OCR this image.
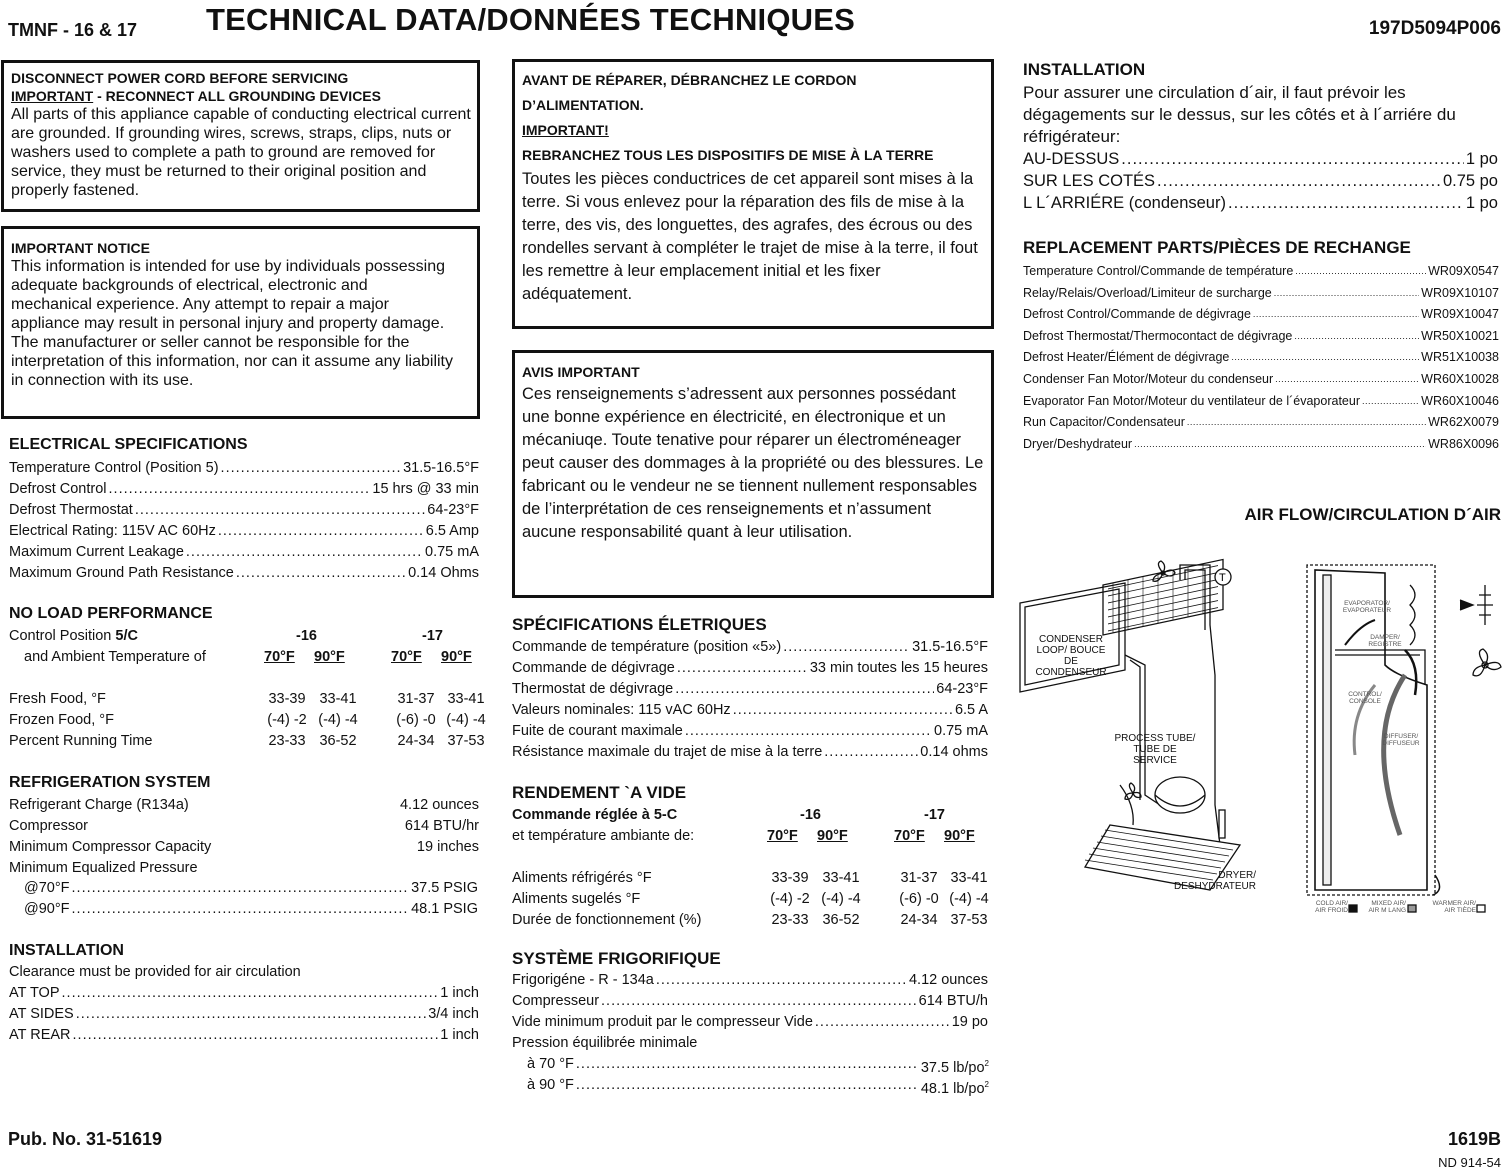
TMNF - 16 & 17 TECHNICAL DATA/DONNÉES TECHNIQUES	197D5094P006
DISCONNECT POWER CORD BEFORE SERVICING
IMPORTANT - RECONNECT ALL GROUNDING DEVICES

All parts of this appliance capable of conducting electrical current are grounded. If grounding wires, screws, straps, clips, nuts or washers used to complete a path to ground are removed for service, they must be returned to their original position and properly fastened.

IMPORTANT NOTICE

This information is intended for use by individuals possessing adequate backgrounds of electrical, electronic and mechanical experience. Any attempt to repair a major appliance may result in personal injury and property damage. The manufacturer or seller cannot be responsible for the interpretation of this information, nor can it assume any liability in connection with its use.

ELECTRICAL SPECIFICATIONS
Temperature Control (Position 5) .....	31.5-16.5°F
Defrost Control .....	15 hrs @ 33 min
Defrost Thermostat .....	64-23°F
Electrical Rating: 115V AC 60Hz .....	6.5 Amp
Maximum Current Leakage .....	0.75 mA
Maximum Ground Path Resistance .....	0.14 Ohms
NO LOAD PERFORMANCE
Control Position 5/C	-16	-17
and Ambient Temperature of	70°F 90°F	70°F 90°F
Fresh Food, °F	33-39 33-41	31-37 33-41
Frozen Food, °F	(-4) -2 (-4) -4	(-6) -0 (-4) -4
Percent Running Time	23-33 36-52	24-34 37-53
REFRIGERATION SYSTEM
Refrigerant Charge (R134a)	4.12 ounces
Compressor	614 BTU/hr
Minimum Compressor Capacity	19 inches
Minimum Equalized Pressure
@70°F .....	37.5 PSIG
@90°F .....	48.1 PSIG
INSTALLATION
Clearance must be provided for air circulation
AT TOP .....	1 inch
AT SIDES .....	3/4 inch
AT REAR .....	1 inch
AVANT DE RÉPARER, DÉBRANCHEZ LE CORDON
D’ALIMENTATION.
IMPORTANT!
REBRANCHEZ TOUS LES DISPOSITIFS DE MISE À LA TERRE

Toutes les pièces conductrices de cet appareil sont mises à la terre. Si vous enlevez pour la réparation des fils de mise à la terre, des vis, des longuettes, des agrafes, des écrous ou des rondelles servant à compléter le trajet de mise à la terre, il fout les remettre à leur emplacement initial et les fixer adéquatement.

AVIS IMPORTANT

Ces renseignements s’adressent aux personnes possédant une bonne expérience en électricité, en électronique et un mécaniuqe. Toute tenative pour réparer un électroméneager peut causer des dommages à la propriété ou des blessures. Le fabricant ou le vendeur ne se tiennent nullement responsables de l’interprétation de ces renseignements et n’assument aucune responsabilité quant à leur utilisation.

SPÉCIFICATIONS ÉLETRIQUES
Commande de température (position «5») .....	31.5-16.5°F
Commande de dégivrage .....	33 min toutes les 15 heures
Thermostat de dégivrage .....	64-23°F
Valeurs nominales: 115 vAC 60Hz .....	6.5 A
Fuite de courant maximale .....	0.75 mA
Résistance maximale du trajet de mise à la terre .....	0.14 ohms
RENDEMENT `A VIDE
Commande réglée à 5-C	-16	-17
et température ambiante de:	70°F 90°F	70°F 90°F
Aliments réfrigérés °F	33-39 33-41	31-37 33-41
Aliments sugelés °F	(-4) -2 (-4) -4	(-6) -0 (-4) -4
Durée de fonctionnement (%)	23-33 36-52	24-34 37-53
SYSTÈME FRIGORIFIQUE
Frigorigéne - R - 134a .....	4.12 ounces
Compresseur .....	614 BTU/h
Vide minimum produit par le compresseur Vide .....	19 po
Pression équilibrée minimale
à 70 °F .....	37.5 $lb/po^2$
à 90 °F .....	48.1 $lb/po^2$
INSTALLATION
Pour assurer une circulation d´air, il faut prévoir les dégagements sur le dessus, sur les côtés et à l´arriére du réfrigérateur:
AU-DESSUS .....	1 po
SUR LES COTÉS .....	0.75 po
L L´ARRIÉRE (condenseur) .....	1 po
REPLACEMENT PARTS/PIÈCES DE RECHANGE
Temperature Control/Commande de température .....	WR09X0547
Relay/Relais/Overload/Limiteur de surcharge .....	WR09X10107
Defrost Control/Commande de dégivrage .....	WR09X10047
Defrost Thermostat/Thermocontact de dégivrage .....	WR50X10021
Defrost Heater/Élément de dégivrage .....	WR51X10038
Condenser Fan Motor/Moteur du condenseur .....	WR60X10028
Evaporator Fan Motor/Moteur du ventilateur de l´évaporateur .....	WR60X10046
Run Capacitor/Condensateur .....	WR62X0079
Dryer/Deshydrateur .....	WR86X0096
AIR FLOW/CIRCULATION D´AIR
T
CONDENSER LOOP/ BOUCE DE CONDENSEUR
PROCESS TUBE/ TUBE DE SERVICE
DRYER/ DESHYDRATEUR
EVAPORATOR/ EVAPORATEUR
DAMPER/ REGISTRE
CONTROL/ CONSOLE
DIFFUSER/ DIFFUSEUR
COLD AIR/ AIR FROID
MIXED AIR/ AIR M LANG
WARMER AIR/ AIR TIÈDE
Pub. No. 31-51619	1619B
ND 914-54
